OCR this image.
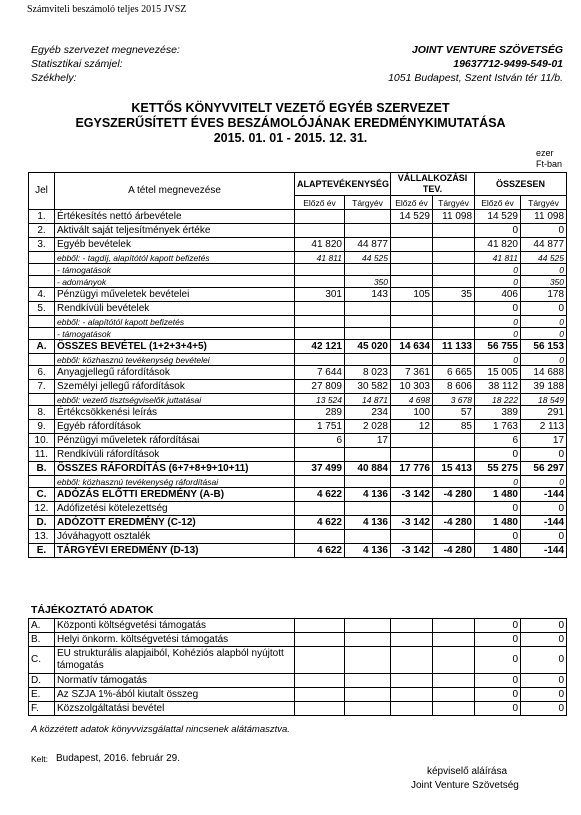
Számviteli beszámoló teljes 2015 JVSZ
Egyéb szervezet megnevezése:	JOINT VENTURE SZÖVETSÉG
Statisztikai számjel:	19637712-9499-549-01
Székhely:	1051 Budapest, Szent István tér 11/b.
KETTŐS KÖNYVVITELT VEZETŐ EGYÉB SZERVEZET
EGYSZERŰSÍTETT ÉVES BESZÁMOLÓJÁNAK EREDMÉNYKIMUTATÁSA
2015. 01. 01 - 2015. 12. 31.
ezer Ft-ban
Jel	A tétel megnevezése	ALAPTEVÉKENYSÉG		VÁLLALKOZÁSI TEV.		ÖSSZESEN	
		Előző év	Tárgyév	Előző év	Tárgyév	Előző év	Tárgyév
1.	Értékesítés nettó árbevétele			14 529	11 098	14 529	11 098
2.	Aktivált saját teljesítmények értéke					0	0
3.	Egyéb bevételek	41 820	44 877			41 820	44 877
	ebből: - tagdíj, alapítótól kapott befizetés	41 811	44 525			41 811	44 525
	- támogatások					0	0
	- adományok		350			0	350
4.	Pénzügyi műveletek bevételei	301	143	105	35	406	178
5.	Rendkívüli bevételek					0	0
	ebből: - alapítótól kapott befizetés					0	0
	- támogatások					0	0
A.	ÖSSZES BEVÉTEL (1+2+3+4+5)	42 121	45 020	14 634	11 133	56 755	56 153
	ebből: közhasznú tevékenység bevételei					0	0
6.	Anyagjellegű ráfordítások	7 644	8 023	7 361	6 665	15 005	14 688
7.	Személyi jellegű ráfordítások	27 809	30 582	10 303	8 606	38 112	39 188
	ebből: vezető tisztségviselők juttatásai	13 524	14 871	4 698	3 678	18 222	18 549
8.	Értékcsökkenési leírás	289	234	100	57	389	291
9.	Egyéb ráfordítások	1 751	2 028	12	85	1 763	2 113
10.	Pénzügyi műveletek ráfordításai	6	17			6	17
11.	Rendkívüli ráfordítások					0	0
B.	ÖSSZES RÁFORDÍTÁS (6+7+8+9+10+11)	37 499	40 884	17 776	15 413	55 275	56 297
	ebből: közhasznú tevékenység ráfordításai					0	0
C.	ADÓZÁS ELŐTTI EREDMÉNY (A-B)	4 622	4 136	-3 142	-4 280	1 480	-144
12.	Adófizetési kötelezettség					0	0
D.	ADÓZOTT EREDMÉNY (C-12)	4 622	4 136	-3 142	-4 280	1 480	-144
13.	Jóváhagyott osztalék					0	0
E.	TÁRGYÉVI EREDMÉNY (D-13)	4 622	4 136	-3 142	-4 280	1 480	-144
TÁJÉKOZTATÓ ADATOK
A.	Központi költségvetési támogatás					0	0
B.	Helyi önkorm. költségvetési támogatás					0	0
C.	EU strukturális alapjaiból, Kohéziós alapból nyújtott támogatás					0	0
D.	Normatív támogatás					0	0
E.	Az SZJA 1%-ából kiutalt összeg					0	0
F.	Közszolgáltatási bevétel					0	0
A közzétett adatok könyvvizsgálattal nincsenek alátámasztva.
Kelt: Budapest, 2016. február 29.
képviselő aláírása
Joint Venture Szövetség
